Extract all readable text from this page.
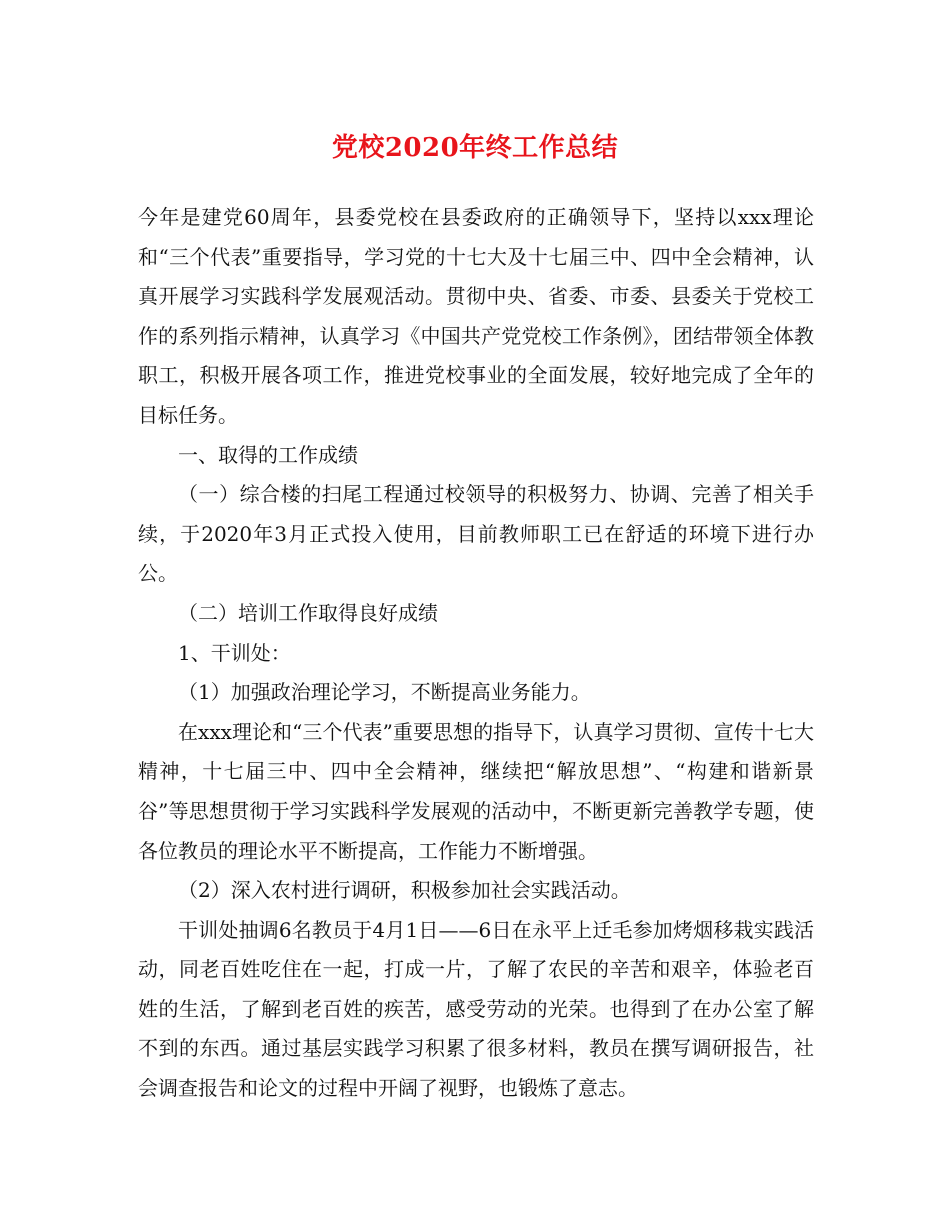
党校2020年终工作总结

今年是建党60周年，县委党校在县委政府的正确领导下，坚持以xxx理论和“三个代表”重要指导，学习党的十七大及十七届三中、四中全会精神，认真开展学习实践科学发展观活动。贯彻中央、省委、市委、县委关于党校工作的系列指示精神，认真学习《中国共产党党校工作条例》，团结带领全体教职工，积极开展各项工作，推进党校事业的全面发展，较好地完成了全年的目标任务。

一、取得的工作成绩

（一）综合楼的扫尾工程通过校领导的积极努力、协调、完善了相关手续，于2020年3月正式投入使用，目前教师职工已在舒适的环境下进行办公。

（二）培训工作取得良好成绩

1、干训处：

（1）加强政治理论学习，不断提高业务能力。

在xxx理论和“三个代表”重要思想的指导下，认真学习贯彻、宣传十七大精神，十七届三中、四中全会精神，继续把“解放思想”、“构建和谐新景谷”等思想贯彻于学习实践科学发展观的活动中，不断更新完善教学专题，使各位教员的理论水平不断提高，工作能力不断增强。

（2）深入农村进行调研，积极参加社会实践活动。

干训处抽调6名教员于4月1日——6日在永平上迁毛参加烤烟移栽实践活动，同老百姓吃住在一起，打成一片，了解了农民的辛苦和艰辛，体验老百姓的生活，了解到老百姓的疾苦，感受劳动的光荣。也得到了在办公室了解不到的东西。通过基层实践学习积累了很多材料，教员在撰写调研报告，社会调查报告和论文的过程中开阔了视野，也锻炼了意志。
